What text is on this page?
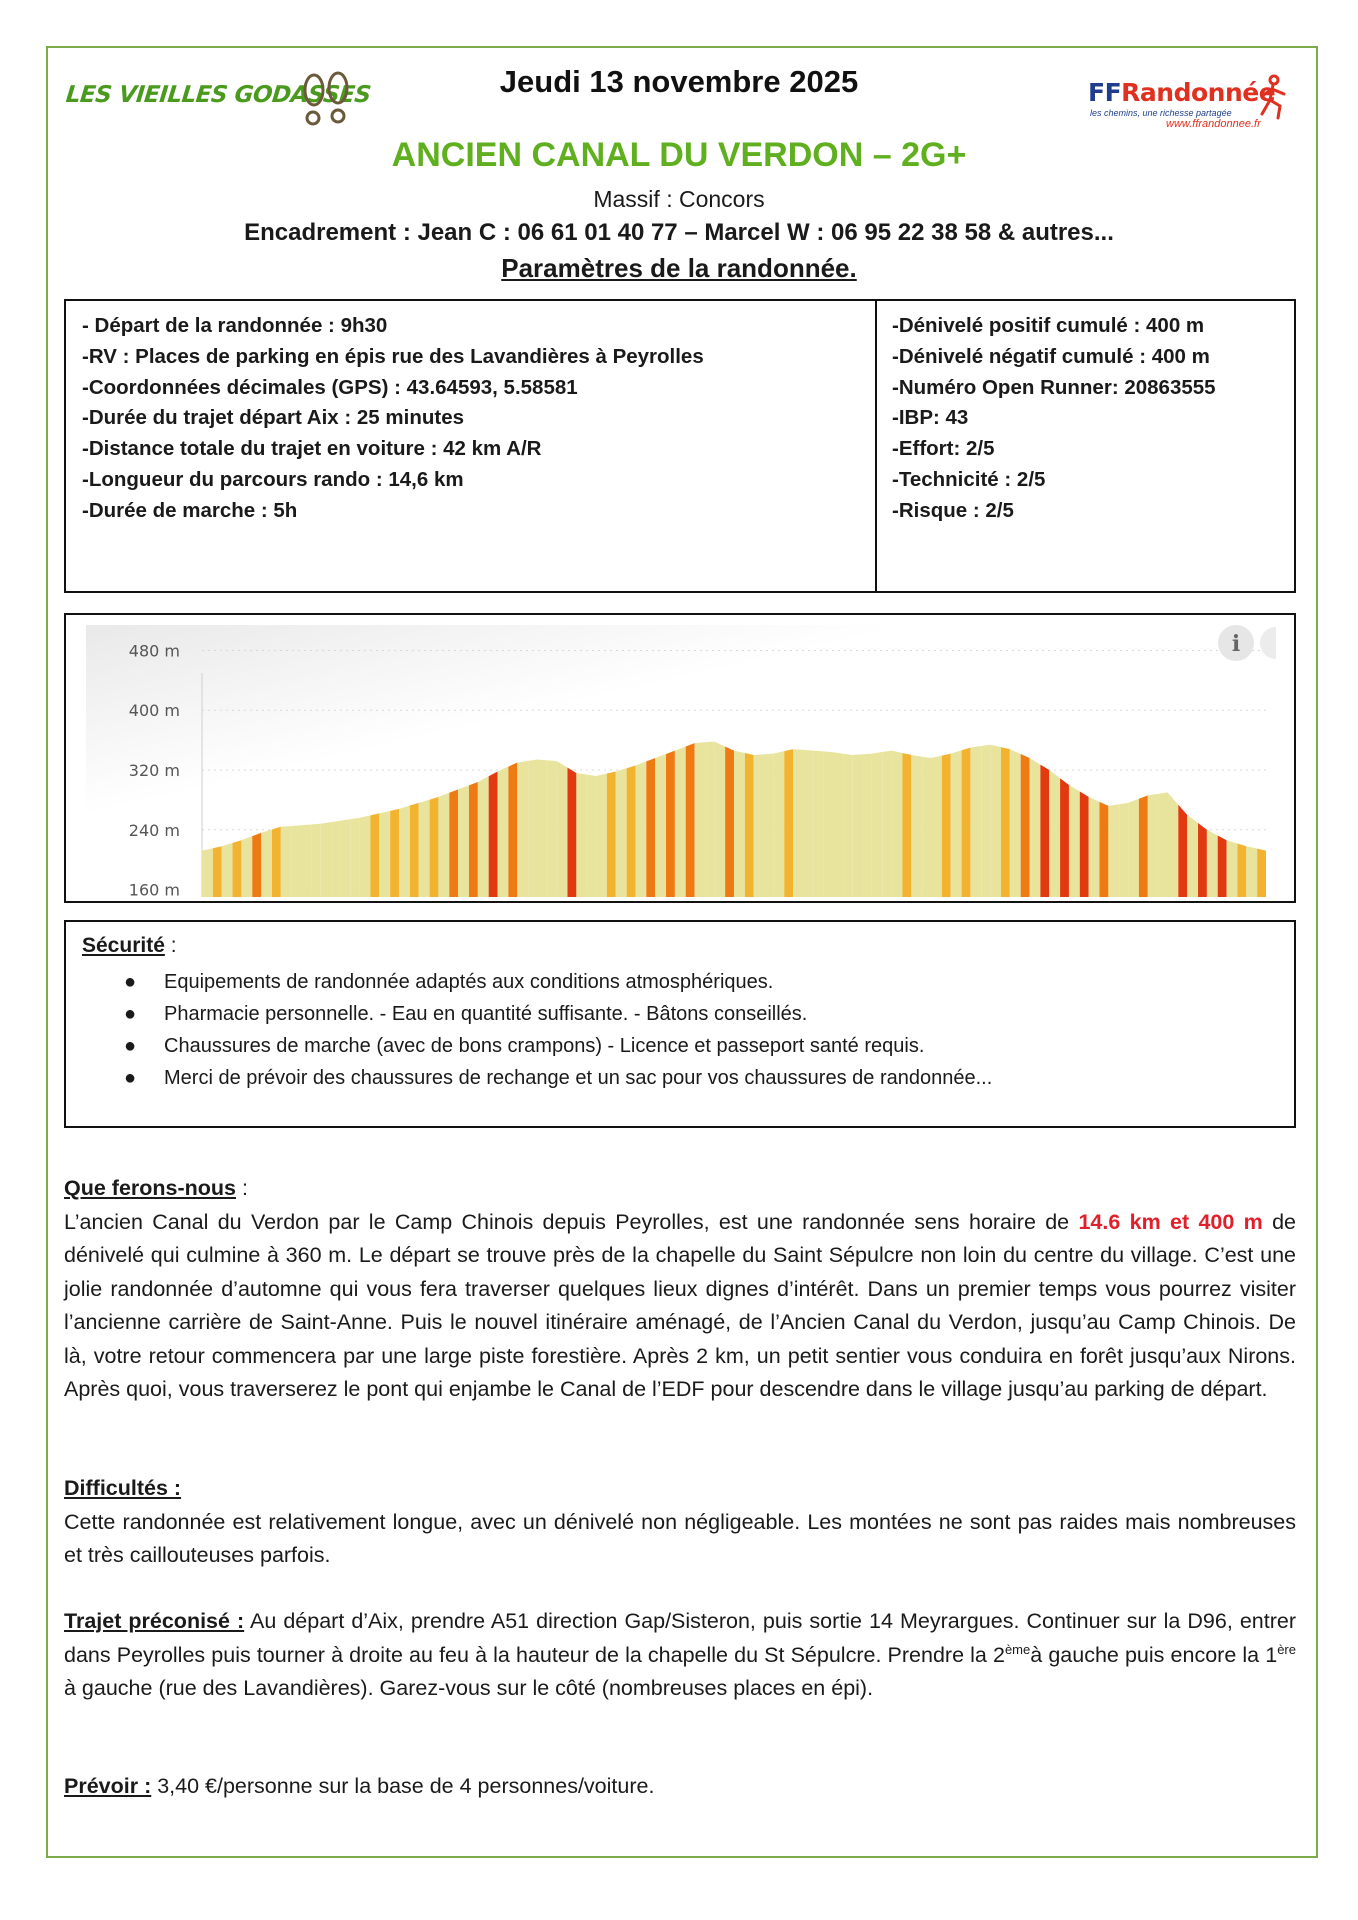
LES VIEILLES GODASSES	Jeudi 13 novembre 2025	FFRandonnée
les chemins, une richesse partagée
www.ffrandonnee.fr
ANCIEN CANAL DU VERDON – 2G+
Massif : Concors
Encadrement : Jean C : 06 61 01 40 77 – Marcel W : 06 95 22 38 58 & autres...
Paramètres de la randonnée.
- Départ de la randonnée : 9h30
-RV : Places de parking en épis rue des Lavandières à Peyrolles
-Coordonnées décimales (GPS) : 43.64593, 5.58581
-Durée du trajet départ Aix : 25 minutes
-Distance totale du trajet en voiture : 42 km A/R
-Longueur du parcours rando : 14,6 km
-Durée de marche : 5h
-Dénivelé positif cumulé : 400 m
-Dénivelé négatif cumulé : 400 m
-Numéro Open Runner: 20863555
-IBP: 43
-Effort: 2/5
-Technicité : 2/5
-Risque : 2/5
480 m
400 m
320 m
240 m
160 m
i
Sécurité :
● Equipements de randonnée adaptés aux conditions atmosphériques.
● Pharmacie personnelle. - Eau en quantité suffisante. - Bâtons conseillés.
● Chaussures de marche (avec de bons crampons) - Licence et passeport santé requis.
● Merci de prévoir des chaussures de rechange et un sac pour vos chaussures de randonnée...
Que ferons-nous :
L’ancien Canal du Verdon par le Camp Chinois depuis Peyrolles, est une randonnée sens horaire de 14.6 km et 400 m de dénivelé qui culmine à 360 m. Le départ se trouve près de la chapelle du Saint Sépulcre non loin du centre du village. C’est une jolie randonnée d’automne qui vous fera traverser quelques lieux dignes d’intérêt. Dans un premier temps vous pourrez visiter l’ancienne carrière de Saint-Anne. Puis le nouvel itinéraire aménagé, de l’Ancien Canal du Verdon, jusqu’au Camp Chinois. De là, votre retour commencera par une large piste forestière. Après 2 km, un petit sentier vous conduira en forêt jusqu’aux Nirons. Après quoi, vous traverserez le pont qui enjambe le Canal de l’EDF pour descendre dans le village jusqu’au parking de départ.
Difficultés :
Cette randonnée est relativement longue, avec un dénivelé non négligeable. Les montées ne sont pas raides mais nombreuses et très caillouteuses parfois.
Trajet préconisé : Au départ d’Aix, prendre A51 direction Gap/Sisteron, puis sortie 14 Meyrargues. Continuer sur la D96, entrer dans Peyrolles puis tourner à droite au feu à la hauteur de la chapelle du St Sépulcre. Prendre la 2èmeà gauche puis encore la 1ère à gauche (rue des Lavandières). Garez-vous sur le côté (nombreuses places en épi).
Prévoir : 3,40 €/personne sur la base de 4 personnes/voiture.
